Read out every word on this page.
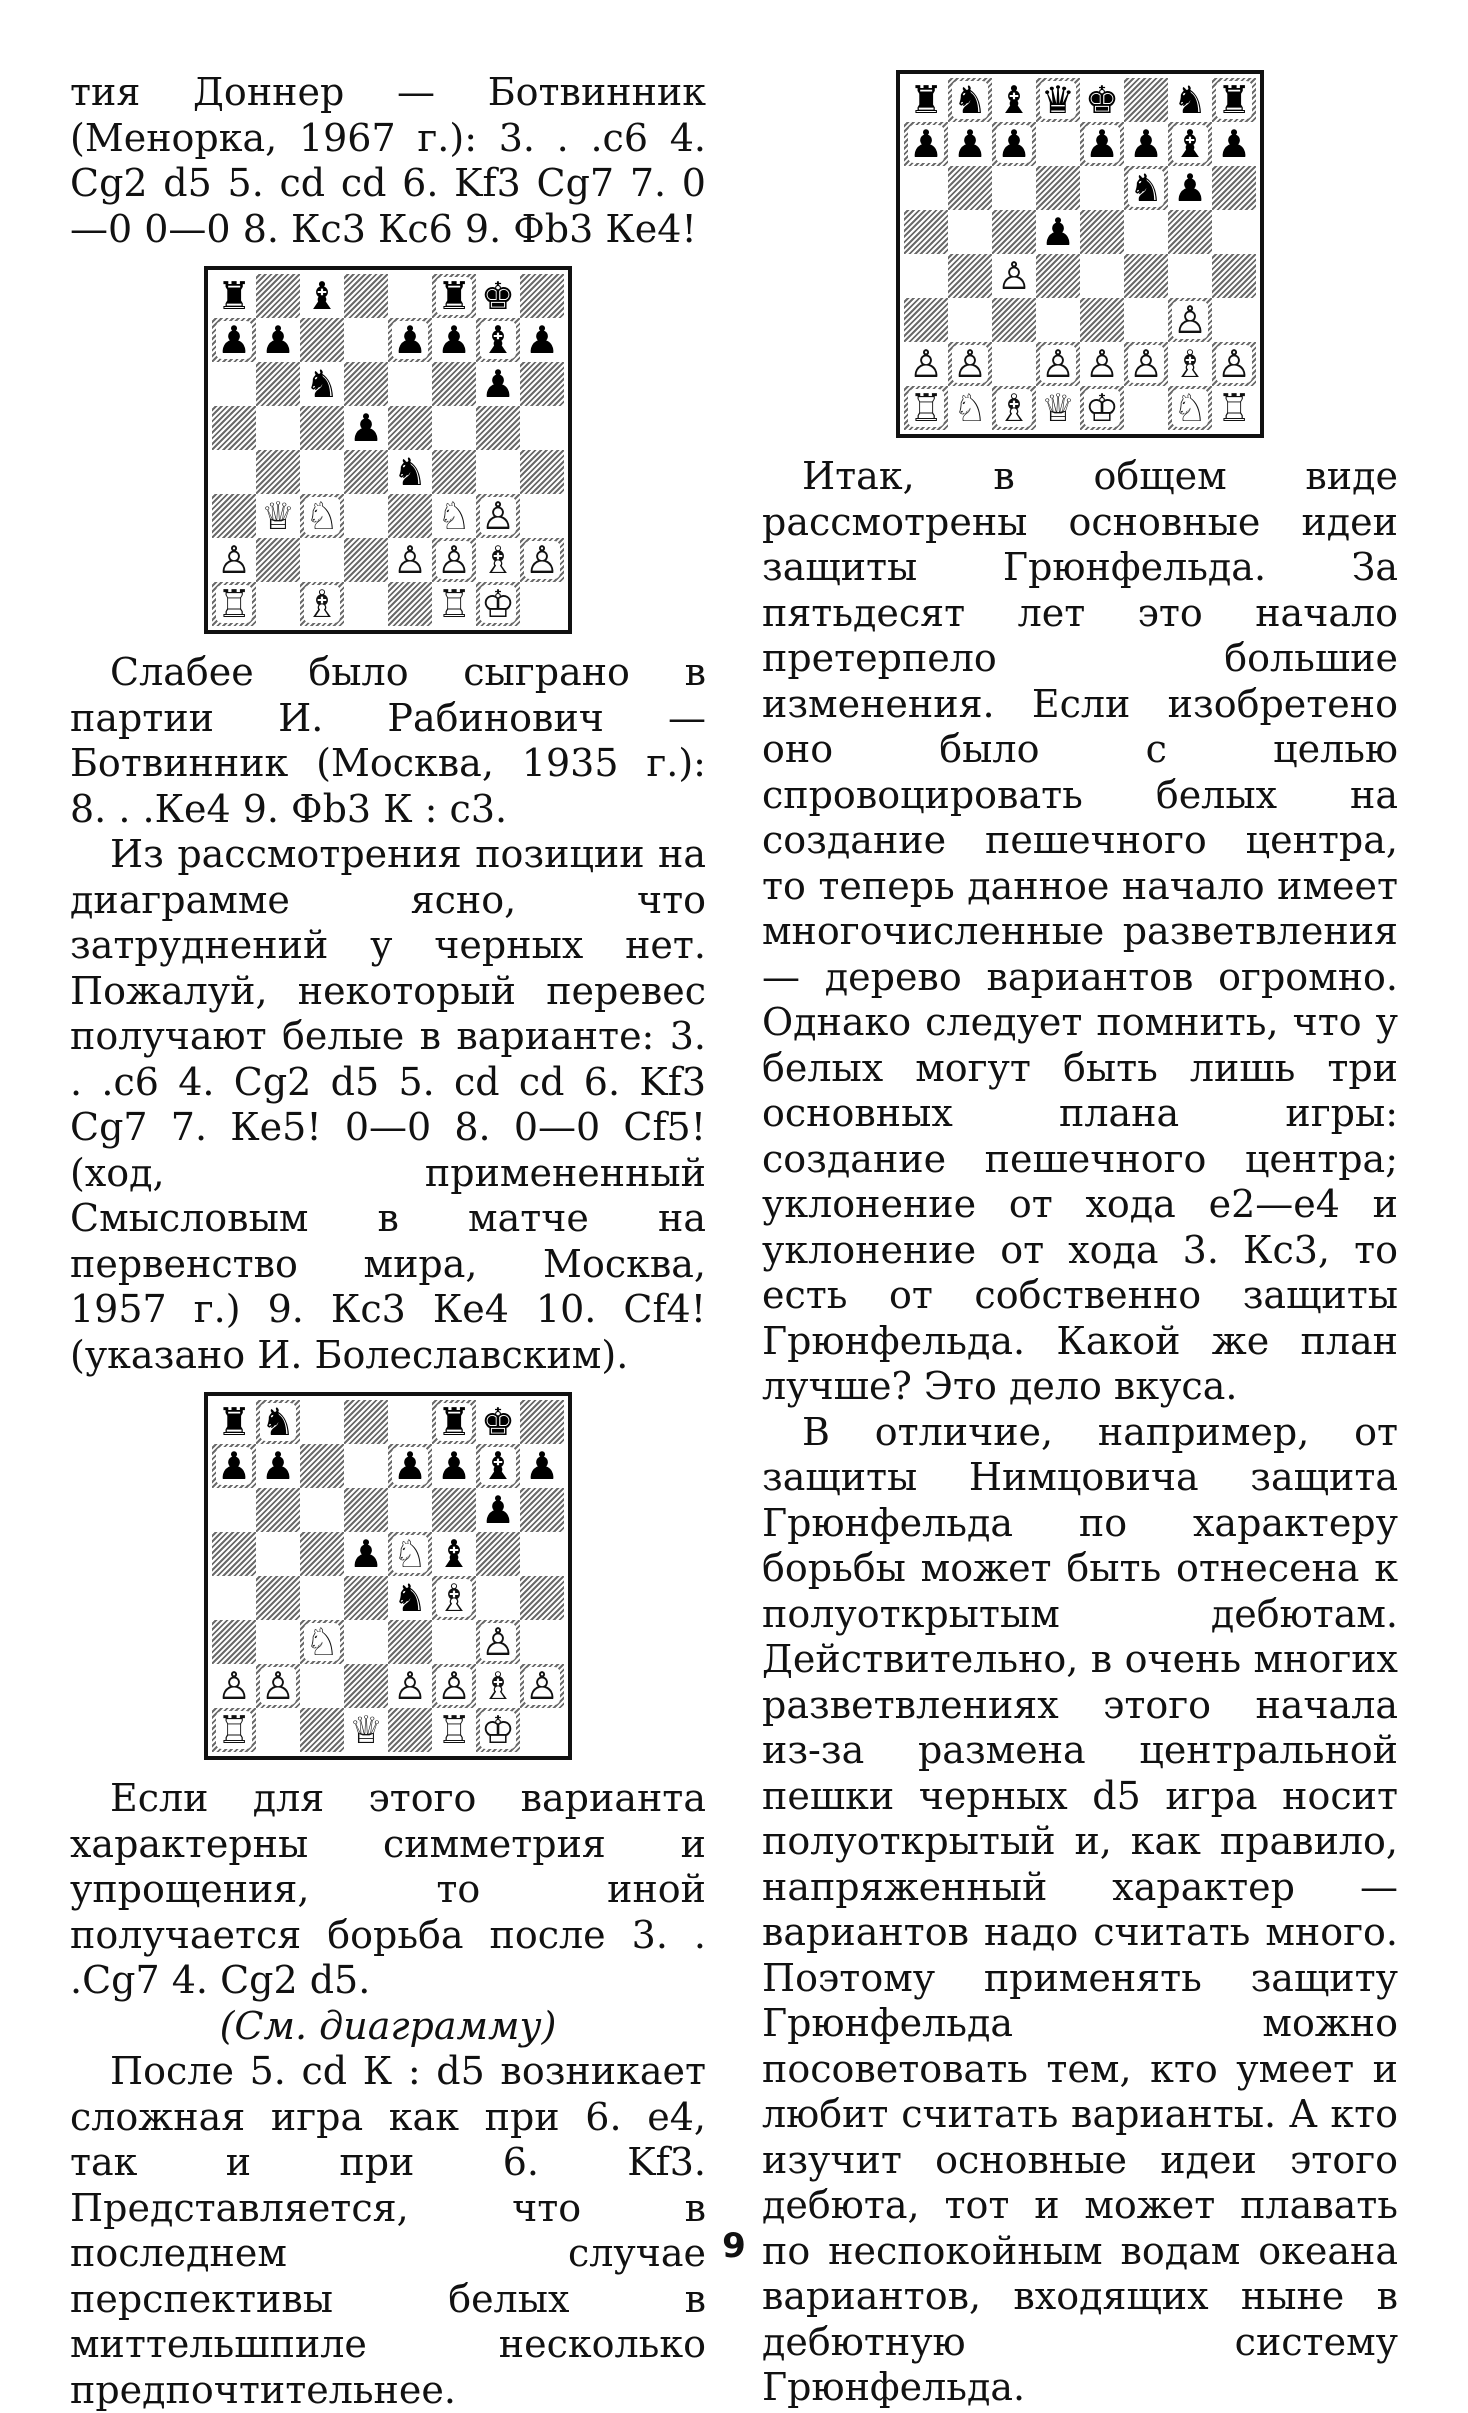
тия Доннер — Ботвинник (Менорка, 1967 г.): 3. . .с6 4. Cg2 d5 5. cd cd 6. Kf3 Cg7 7. 0—0 0—0 8. Кс3 Кс6 9. Фb3 Ке4!

♜ ♝	♜ ♚
♟ ♟	♟ ♟ ♝ ♟
♞	♟
♟
♞
♕ ♘	♘ ♙
♙	♙ ♙ ♗ ♙
♖ ♗	♖ ♔

Слабее было сыграно в партии И. Рабинович — Ботвинник (Москва, 1935 г.): 8. . .Ке4 9. Фb3 К : с3.

Из рассмотрения позиции на диаграмме ясно, что затруднений у черных нет. Пожалуй, некоторый перевес получают белые в варианте: 3. . .с6 4. Cg2 d5 5. cd cd 6. Kf3 Cg7 7. Ке5! 0—0 8. 0—0 Cf5! (ход, примененный Смысловым в матче на первенство мира, Москва, 1957 г.) 9. Кс3 Ке4 10. Cf4! (указано И. Болеславским).

♜ ♞	♜ ♚
♟ ♟	♟ ♟ ♝ ♟
♟
♟ ♘ ♝
♞ ♗
♘	♙
♙ ♙	♙ ♙ ♗ ♙
♖	♕ ♖ ♔

Если для этого варианта характерны симметрия и упрощения, то иной получается борьба после 3. . .Cg7 4. Cg2 d5.

(См. диаграмму)

После 5. cd К : d5 возникает сложная игра как при 6. е4, так и при 6. Kf3. Представляется, что в последнем случае перспективы белых в миттельшпиле несколько предпочтительнее.

♜ ♞ ♝ ♛ ♚ ♞ ♜
♟ ♟ ♟ ♟ ♟ ♝ ♟
♞ ♟
♟
♙
♙
♙ ♙ ♙ ♙ ♙ ♗ ♙
♖ ♘ ♗ ♕ ♔ ♘ ♖

Итак, в общем виде рассмотрены основные идеи защиты Грюнфельда. За пятьдесят лет это начало претерпело большие изменения. Если изобретено оно было с целью спровоцировать белых на создание пешечного центра, то теперь данное начало имеет многочисленные разветвления — дерево вариантов огромно. Однако следует помнить, что у белых могут быть лишь три основных плана игры: создание пешечного центра; уклонение от хода е2—е4 и уклонение от хода 3. Кс3, то есть от собственно защиты Грюнфельда. Какой же план лучше? Это дело вкуса.

В отличие, например, от защиты Нимцовича защита Грюнфельда по характеру борьбы может быть отнесена к полуоткрытым дебютам. Действительно, в очень многих разветвлениях этого начала из-за размена центральной пешки черных d5 игра носит полуоткрытый и, как правило, напряженный характер — вариантов надо считать много. Поэтому применять защиту Грюнфельда можно посоветовать тем, кто умеет и любит считать варианты. А кто изучит основные идеи этого дебюта, тот и может плавать по неспокойным водам океана вариантов, входящих ныне в дебютную систему Грюнфельда.

9
